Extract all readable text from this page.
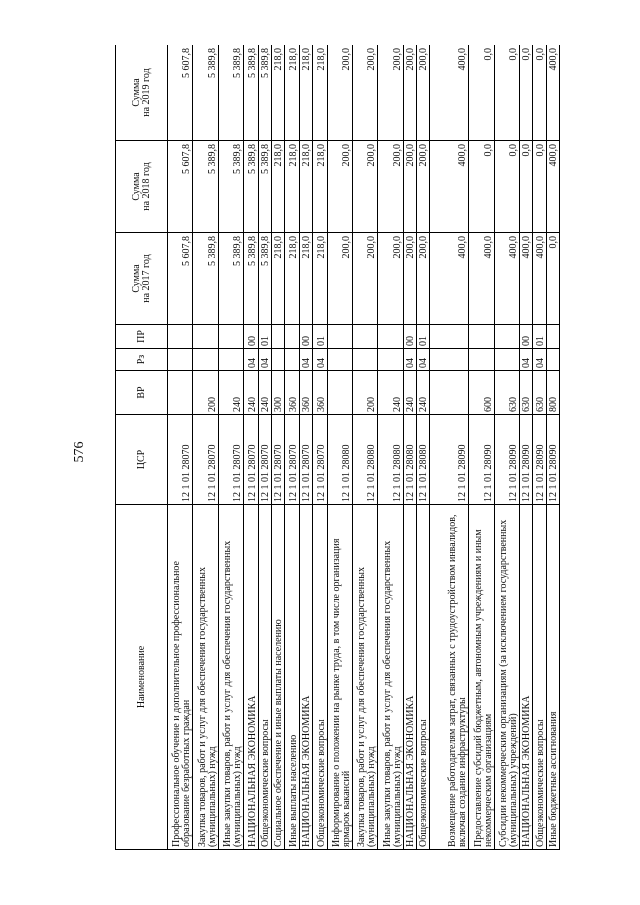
576
Наименование	ЦСР	ВР	Рз	ПР	Сумма на 2017 год	Сумма на 2018 год	Сумма на 2019 год

Профессиональное обучение и дополнительное профессиональное образование безработных граждан	12 1 01 28070				5 607,8	5 607,8	5 607,8
Закупка товаров, работ и услуг для обеспечения государственных (муниципальных) нужд	12 1 01 28070	200			5 389,8	5 389,8	5 389,8
Иные закупки товаров, работ и услуг для обеспечения государственных (муниципальных) нужд	12 1 01 28070	240			5 389,8	5 389,8	5 389,8
НАЦИОНАЛЬНАЯ ЭКОНОМИКА	12 1 01 28070	240	04	00	5 389,8	5 389,8	5 389,8
Общеэкономические вопросы	12 1 01 28070	240	04	01	5 389,8	5 389,8	5 389,8
Социальное обеспечение и иные выплаты населению	12 1 01 28070	300			218,0	218,0	218,0
Иные выплаты населению	12 1 01 28070	360			218,0	218,0	218,0
НАЦИОНАЛЬНАЯ ЭКОНОМИКА	12 1 01 28070	360	04	00	218,0	218,0	218,0
Общеэкономические вопросы	12 1 01 28070	360	04	01	218,0	218,0	218,0
Информирование о положении на рынке труда, в том числе организация ярмарок вакансий	12 1 01 28080				200,0	200,0	200,0
Закупка товаров, работ и услуг для обеспечения государственных (муниципальных) нужд	12 1 01 28080	200			200,0	200,0	200,0
Иные закупки товаров, работ и услуг для обеспечения государственных (муниципальных) нужд	12 1 01 28080	240			200,0	200,0	200,0
НАЦИОНАЛЬНАЯ ЭКОНОМИКА	12 1 01 28080	240	04	00	200,0	200,0	200,0
Общеэкономические вопросы	12 1 01 28080	240	04	01	200,0	200,0	200,0
Возмещение работодателям затрат, связанных с трудоустройством инвалидов, включая создание инфраструктуры	12 1 01 28090				400,0	400,0	400,0
Предоставление субсидий бюджетным, автономным учреждениям и иным некоммерческим организациям	12 1 01 28090	600			400,0	0,0	0,0
Субсидии некоммерческим организациям (за исключением государственных (муниципальных) учреждений)	12 1 01 28090	630			400,0	0,0	0,0
НАЦИОНАЛЬНАЯ ЭКОНОМИКА	12 1 01 28090	630	04	00	400,0	0,0	0,0
Общеэкономические вопросы	12 1 01 28090	630	04	01	400,0	0,0	0,0
Иные бюджетные ассигнования	12 1 01 28090	800			0,0	400,0	400,0
